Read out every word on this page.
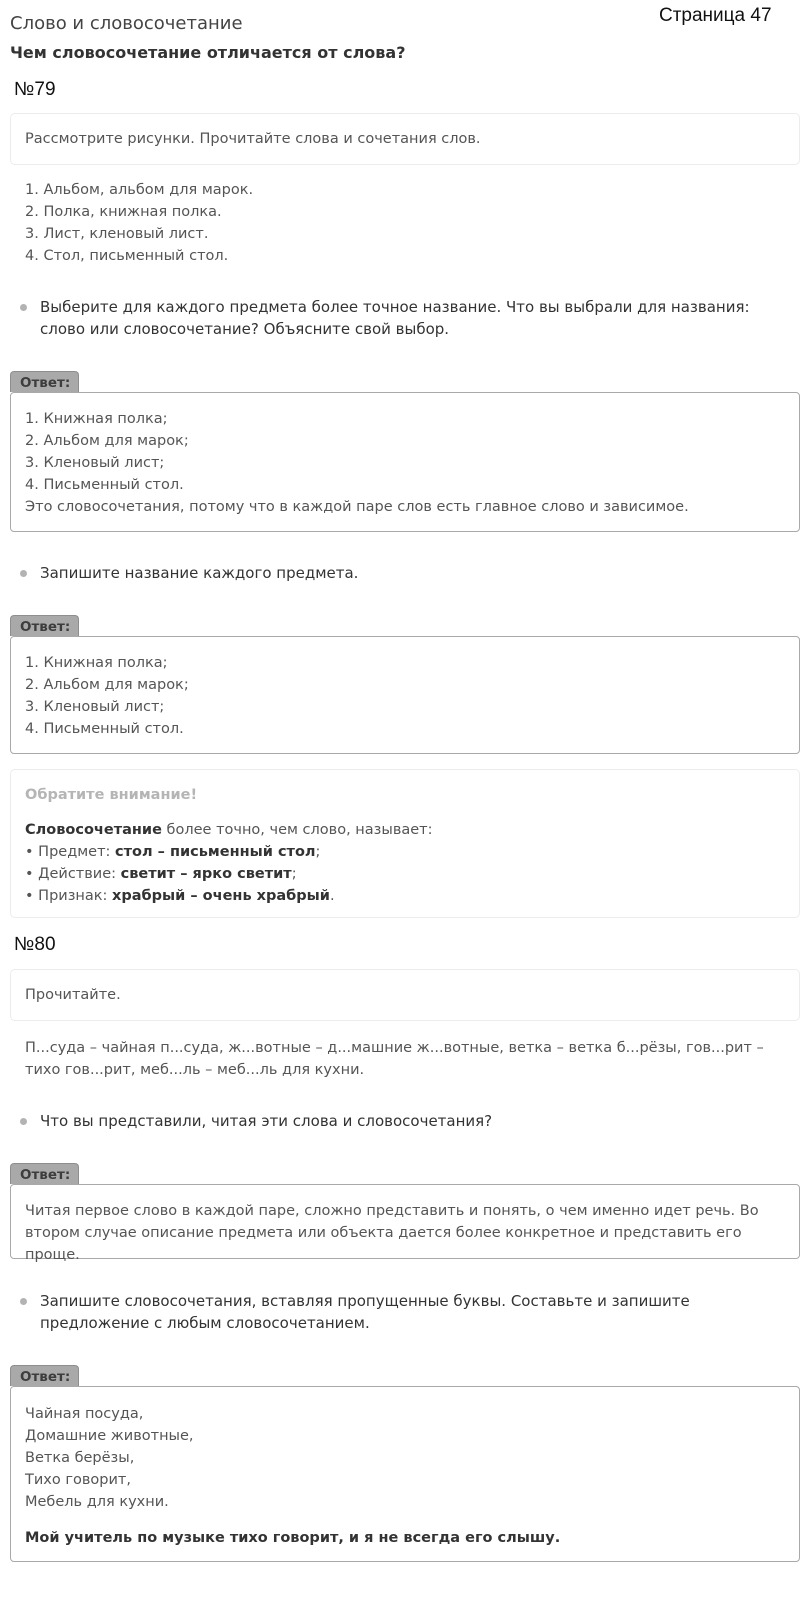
Страница 47
Слово и словосочетание
Чем словосочетание отличается от слова?
№79
Рассмотрите рисунки. Прочитайте слова и сочетания слов.
1. Альбом, альбом для марок.
2. Полка, книжная полка.
3. Лист, кленовый лист.
4. Стол, письменный стол.
Выберите для каждого предмета более точное название. Что вы выбрали для названия: слово или словосочетание? Объясните свой выбор.
Ответ:
1. Книжная полка;
2. Альбом для марок;
3. Кленовый лист;
4. Письменный стол.
Это словосочетания, потому что в каждой паре слов есть главное слово и зависимое.
Запишите название каждого предмета.
Ответ:
1. Книжная полка;
2. Альбом для марок;
3. Кленовый лист;
4. Письменный стол.
Обратите внимание!
Словосочетание более точно, чем слово, называет:
• Предмет: стол – письменный стол;
• Действие: светит – ярко светит;
• Признак: храбрый – очень храбрый.
№80
Прочитайте.
П...суда – чайная п...суда, ж...вотные – д...машние ж...вотные, ветка – ветка б...рёзы, гов...рит – тихо гов...рит, меб...ль – меб...ль для кухни.
Что вы представили, читая эти слова и словосочетания?
Ответ:
Читая первое слово в каждой паре, сложно представить и понять, о чем именно идет речь. Во втором случае описание предмета или объекта дается более конкретное и представить его проще.
Запишите словосочетания, вставляя пропущенные буквы. Составьте и запишите предложение с любым словосочетанием.
Ответ:
Чайная посуда,
Домашние животные,
Ветка берёзы,
Тихо говорит,
Мебель для кухни.
Мой учитель по музыке тихо говорит, и я не всегда его слышу.
